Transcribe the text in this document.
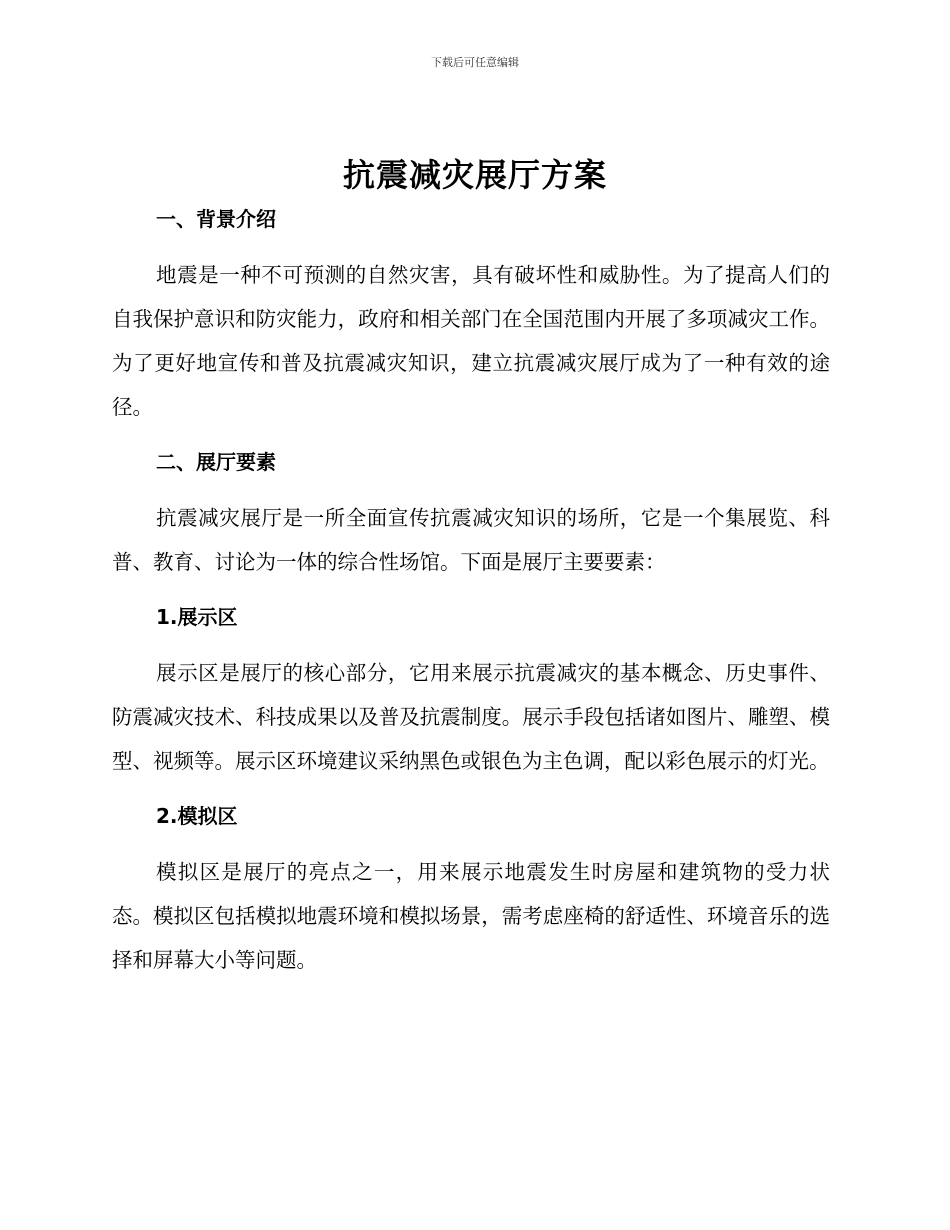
下载后可任意编辑
抗震减灾展厅方案

一、背景介绍

地震是一种不可预测的自然灾害，具有破坏性和威胁性。为了提高人们的自我保护意识和防灾能力，政府和相关部门在全国范围内开展了多项减灾工作。为了更好地宣传和普及抗震减灾知识，建立抗震减灾展厅成为了一种有效的途径。

二、展厅要素

抗震减灾展厅是一所全面宣传抗震减灾知识的场所，它是一个集展览、科普、教育、讨论为一体的综合性场馆。下面是展厅主要要素：

1.展示区

展示区是展厅的核心部分，它用来展示抗震减灾的基本概念、历史事件、防震减灾技术、科技成果以及普及抗震制度。展示手段包括诸如图片、雕塑、模型、视频等。展示区环境建议采纳黑色或银色为主色调，配以彩色展示的灯光。

2.模拟区

模拟区是展厅的亮点之一，用来展示地震发生时房屋和建筑物的受力状态。模拟区包括模拟地震环境和模拟场景，需考虑座椅的舒适性、环境音乐的选择和屏幕大小等问题。
